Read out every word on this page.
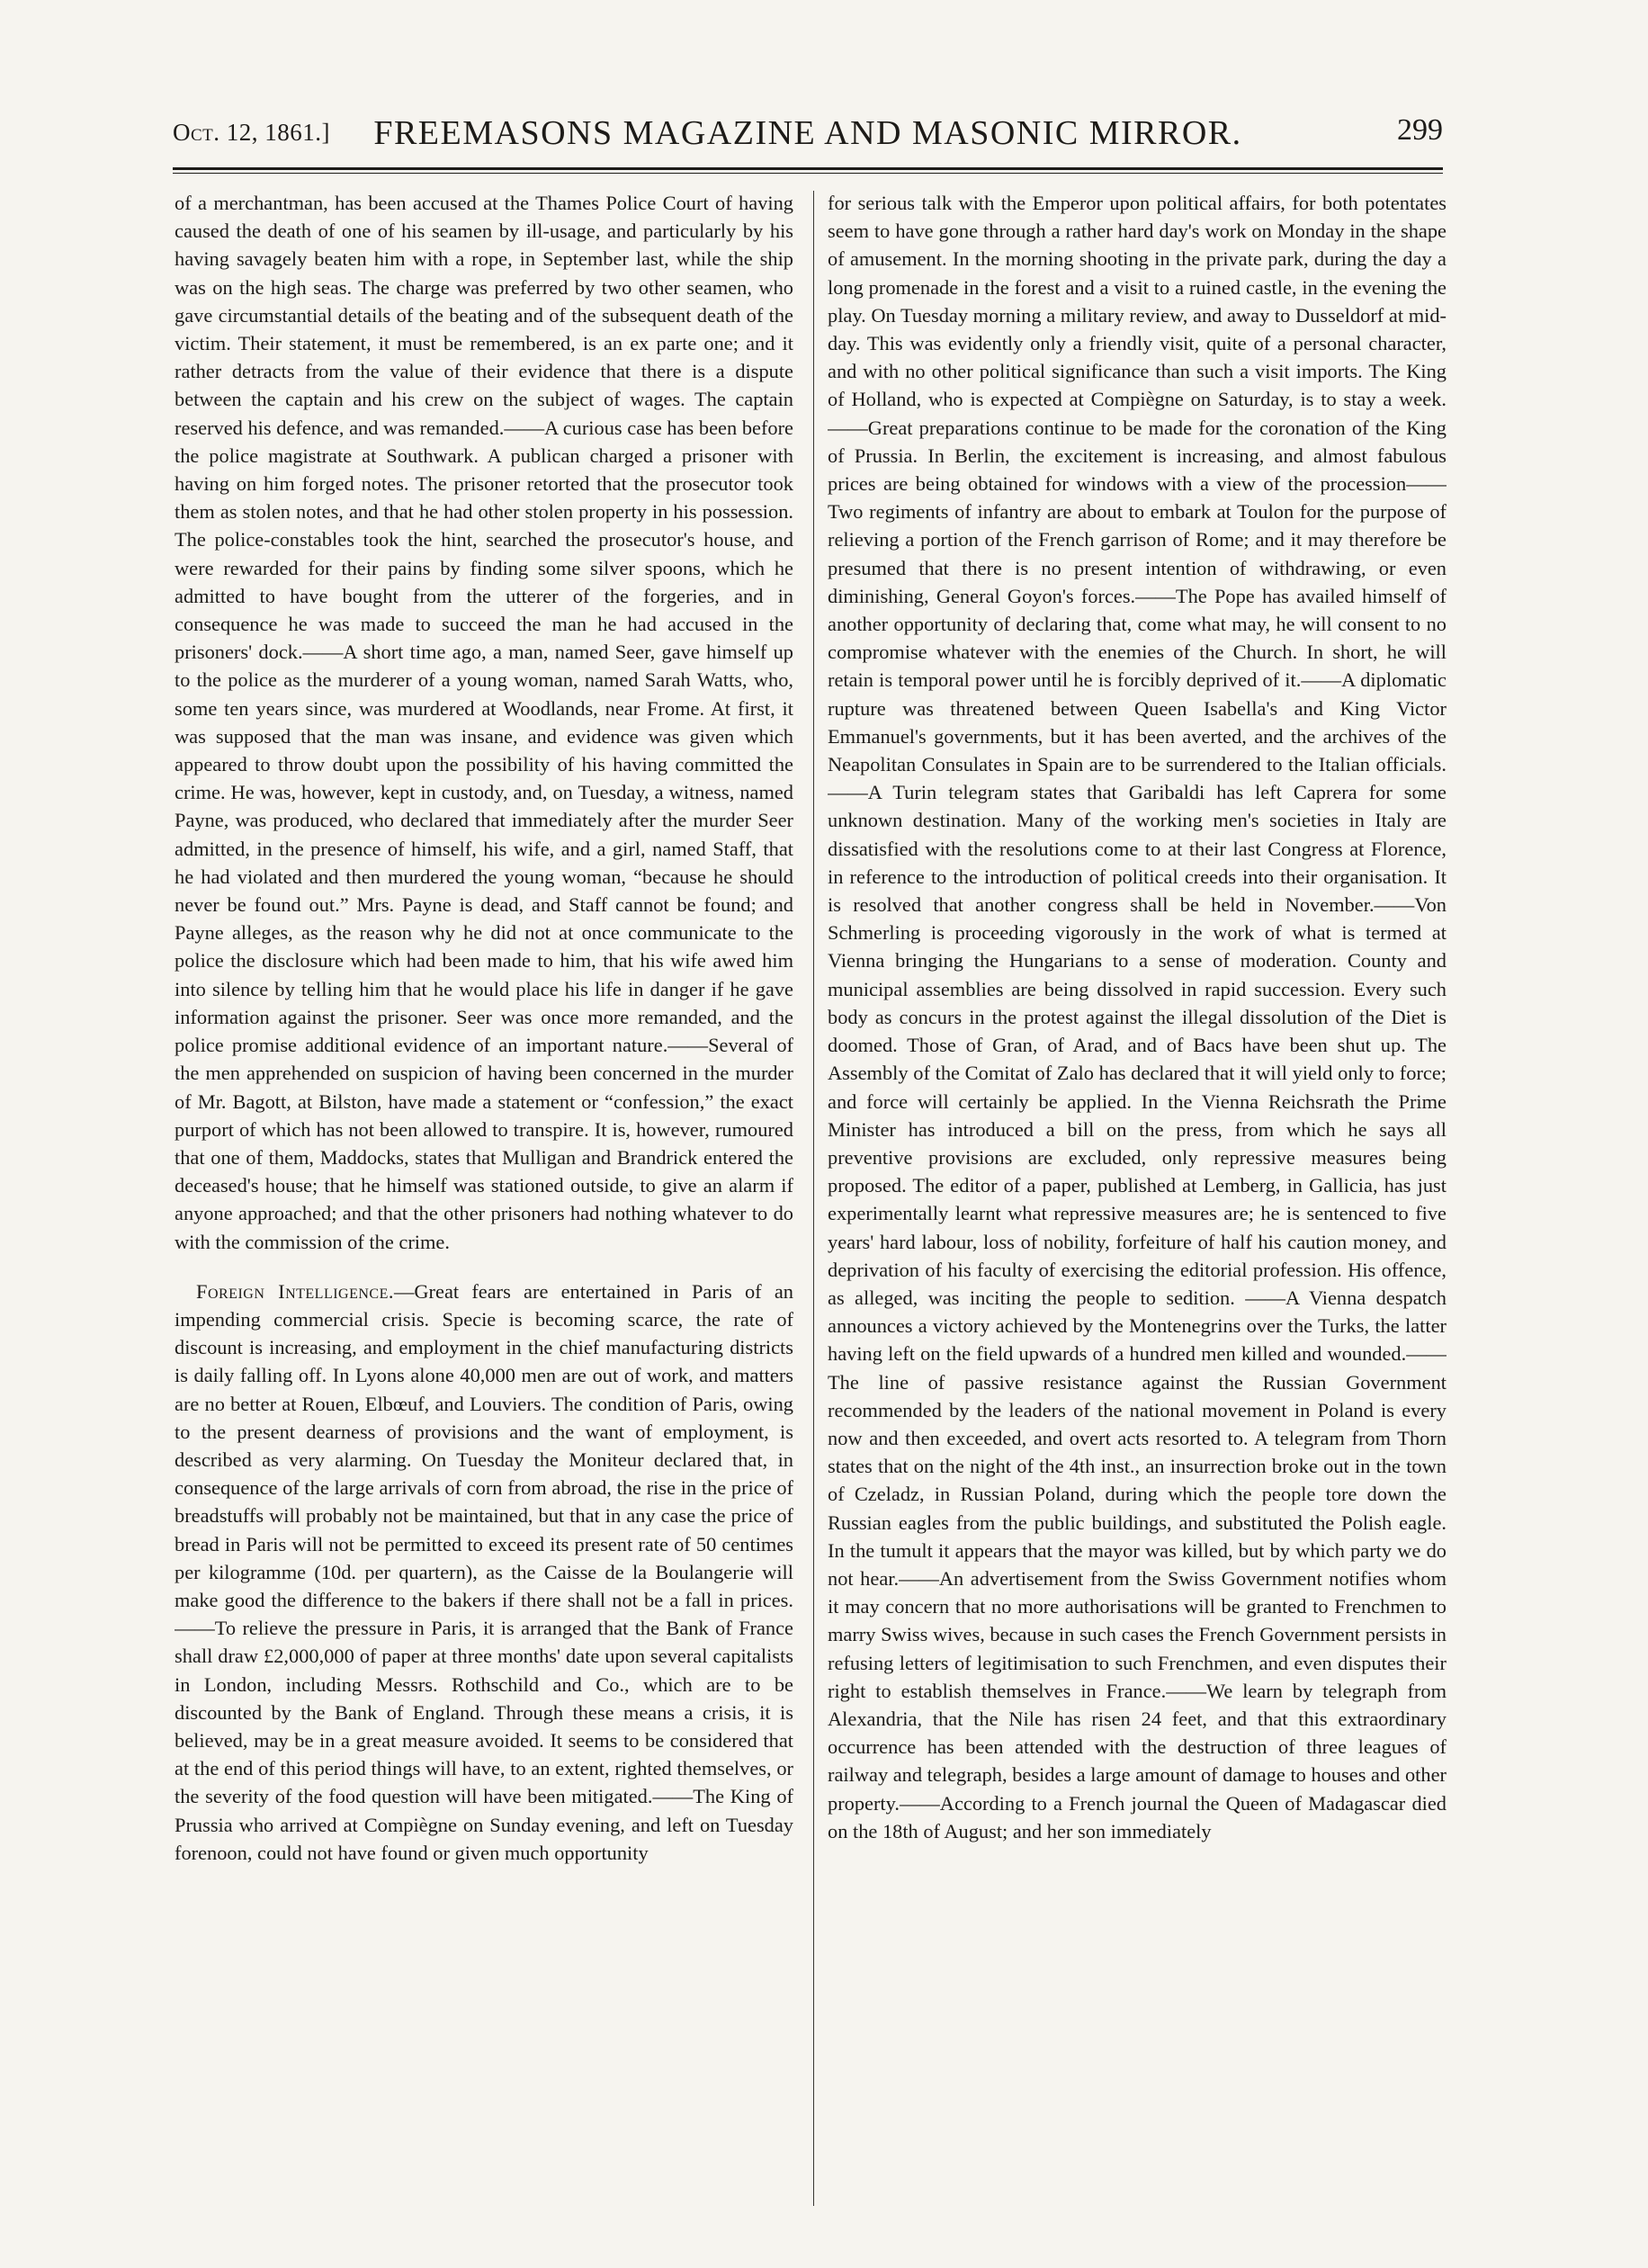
Oct. 12, 1861.]	FREEMASONS MAGAZINE AND MASONIC MIRROR.	299

of a merchantman, has been accused at the Thames Police Court of having caused the death of one of his seamen by ill-usage, and particularly by his having savagely beaten him with a rope, in September last, while the ship was on the high seas. The charge was preferred by two other seamen, who gave circumstantial details of the beating and of the subsequent death of the victim. Their statement, it must be remembered, is an ex parte one; and it rather detracts from the value of their evidence that there is a dispute between the captain and his crew on the subject of wages. The captain reserved his defence, and was remanded.——A curious case has been before the police magistrate at Southwark. A publican charged a prisoner with having on him forged notes. The prisoner retorted that the prosecutor took them as stolen notes, and that he had other stolen property in his possession. The police-constables took the hint, searched the prosecutor's house, and were rewarded for their pains by finding some silver spoons, which he admitted to have bought from the utterer of the forgeries, and in consequence he was made to succeed the man he had accused in the prisoners' dock.——A short time ago, a man, named Seer, gave himself up to the police as the murderer of a young woman, named Sarah Watts, who, some ten years since, was murdered at Woodlands, near Frome. At first, it was supposed that the man was insane, and evidence was given which appeared to throw doubt upon the possibility of his having committed the crime. He was, however, kept in custody, and, on Tuesday, a witness, named Payne, was produced, who declared that immediately after the murder Seer admitted, in the presence of himself, his wife, and a girl, named Staff, that he had violated and then murdered the young woman, “because he should never be found out.” Mrs. Payne is dead, and Staff cannot be found; and Payne alleges, as the reason why he did not at once communicate to the police the disclosure which had been made to him, that his wife awed him into silence by telling him that he would place his life in danger if he gave information against the prisoner. Seer was once more remanded, and the police promise additional evidence of an important nature.——Several of the men apprehended on suspicion of having been concerned in the murder of Mr. Bagott, at Bilston, have made a statement or “confession,” the exact purport of which has not been allowed to transpire. It is, however, rumoured that one of them, Maddocks, states that Mulligan and Brandrick entered the deceased's house; that he himself was stationed outside, to give an alarm if anyone approached; and that the other prisoners had nothing whatever to do with the commission of the crime.

Foreign Intelligence.—Great fears are entertained in Paris of an impending commercial crisis. Specie is becoming scarce, the rate of discount is increasing, and employment in the chief manufacturing districts is daily falling off. In Lyons alone 40,000 men are out of work, and matters are no better at Rouen, Elbœuf, and Louviers. The condition of Paris, owing to the present dearness of provisions and the want of employment, is described as very alarming. On Tuesday the Moniteur declared that, in consequence of the large arrivals of corn from abroad, the rise in the price of breadstuffs will probably not be maintained, but that in any case the price of bread in Paris will not be permitted to exceed its present rate of 50 centimes per kilogramme (10d. per quartern), as the Caisse de la Boulangerie will make good the difference to the bakers if there shall not be a fall in prices.——To relieve the pressure in Paris, it is arranged that the Bank of France shall draw £2,000,000 of paper at three months' date upon several capitalists in London, including Messrs. Rothschild and Co., which are to be discounted by the Bank of England. Through these means a crisis, it is believed, may be in a great measure avoided. It seems to be considered that at the end of this period things will have, to an extent, righted themselves, or the severity of the food question will have been mitigated.——The King of Prussia who arrived at Compiègne on Sunday evening, and left on Tuesday forenoon, could not have found or given much opportunity

for serious talk with the Emperor upon political affairs, for both potentates seem to have gone through a rather hard day's work on Monday in the shape of amusement. In the morning shooting in the private park, during the day a long promenade in the forest and a visit to a ruined castle, in the evening the play. On Tuesday morning a military review, and away to Dusseldorf at mid-day. This was evidently only a friendly visit, quite of a personal character, and with no other political significance than such a visit imports. The King of Holland, who is expected at Compiègne on Saturday, is to stay a week.——Great preparations continue to be made for the coronation of the King of Prussia. In Berlin, the excitement is increasing, and almost fabulous prices are being obtained for windows with a view of the procession——Two regiments of infantry are about to embark at Toulon for the purpose of relieving a portion of the French garrison of Rome; and it may therefore be presumed that there is no present intention of withdrawing, or even diminishing, General Goyon's forces.——The Pope has availed himself of another opportunity of declaring that, come what may, he will consent to no compromise whatever with the enemies of the Church. In short, he will retain is temporal power until he is forcibly deprived of it.——A diplomatic rupture was threatened between Queen Isabella's and King Victor Emmanuel's governments, but it has been averted, and the archives of the Neapolitan Consulates in Spain are to be surrendered to the Italian officials.——A Turin telegram states that Garibaldi has left Caprera for some unknown destination. Many of the working men's societies in Italy are dissatisfied with the resolutions come to at their last Congress at Florence, in reference to the introduction of political creeds into their organisation. It is resolved that another congress shall be held in November.——Von Schmerling is proceeding vigorously in the work of what is termed at Vienna bringing the Hungarians to a sense of moderation. County and municipal assemblies are being dissolved in rapid succession. Every such body as concurs in the protest against the illegal dissolution of the Diet is doomed. Those of Gran, of Arad, and of Bacs have been shut up. The Assembly of the Comitat of Zalo has declared that it will yield only to force; and force will certainly be applied. In the Vienna Reichsrath the Prime Minister has introduced a bill on the press, from which he says all preventive provisions are excluded, only repressive measures being proposed. The editor of a paper, published at Lemberg, in Gallicia, has just experimentally learnt what repressive measures are; he is sentenced to five years' hard labour, loss of nobility, forfeiture of half his caution money, and deprivation of his faculty of exercising the editorial profession. His offence, as alleged, was inciting the people to sedition. ——A Vienna despatch announces a victory achieved by the Montenegrins over the Turks, the latter having left on the field upwards of a hundred men killed and wounded.—— The line of passive resistance against the Russian Government recommended by the leaders of the national movement in Poland is every now and then exceeded, and overt acts resorted to. A telegram from Thorn states that on the night of the 4th inst., an insurrection broke out in the town of Czeladz, in Russian Poland, during which the people tore down the Russian eagles from the public buildings, and substituted the Polish eagle. In the tumult it appears that the mayor was killed, but by which party we do not hear.——An advertisement from the Swiss Government notifies whom it may concern that no more authorisations will be granted to Frenchmen to marry Swiss wives, because in such cases the French Government persists in refusing letters of legitimisation to such Frenchmen, and even disputes their right to establish themselves in France.——We learn by telegraph from Alexandria, that the Nile has risen 24 feet, and that this extraordinary occurrence has been attended with the destruction of three leagues of railway and telegraph, besides a large amount of damage to houses and other property.——According to a French journal the Queen of Madagascar died on the 18th of August; and her son immediately
